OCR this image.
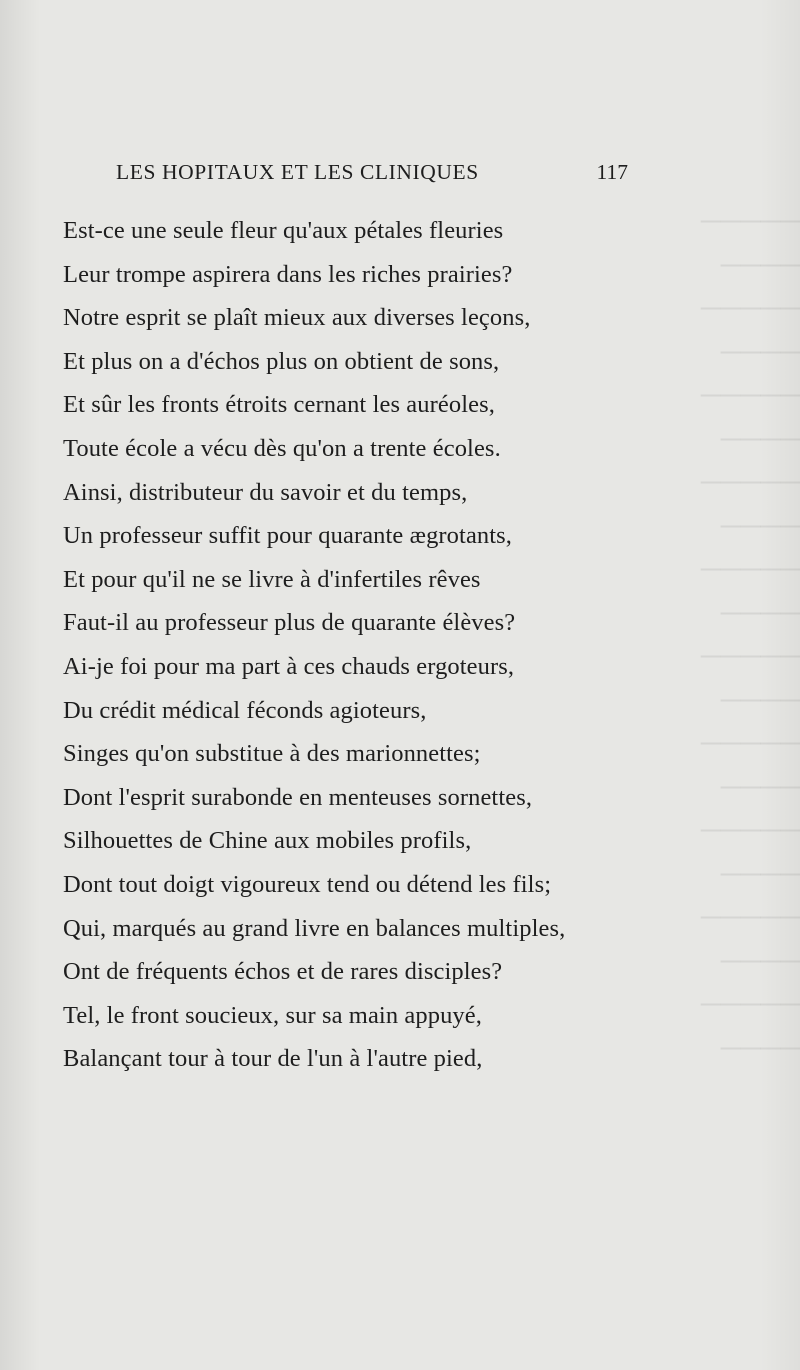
─────
────
─────
────
─────
────
─────
────
─────
────
─────
────
─────
────
─────
────
─────
────
─────
────
LES HOPITAUX ET LES CLINIQUES	117
Est-ce une seule fleur qu'aux pétales fleuries
Leur trompe aspirera dans les riches prairies?
Notre esprit se plaît mieux aux diverses leçons,
Et plus on a d'échos plus on obtient de sons,
Et sûr les fronts étroits cernant les auréoles,
Toute école a vécu dès qu'on a trente écoles.
Ainsi, distributeur du savoir et du temps,
Un professeur suffit pour quarante ægrotants,
Et pour qu'il ne se livre à d'infertiles rêves
Faut-il au professeur plus de quarante élèves?
Ai-je foi pour ma part à ces chauds ergoteurs,
Du crédit médical féconds agioteurs,
Singes qu'on substitue à des marionnettes;
Dont l'esprit surabonde en menteuses sornettes,
Silhouettes de Chine aux mobiles profils,
Dont tout doigt vigoureux tend ou détend les fils;
Qui, marqués au grand livre en balances multiples,
Ont de fréquents échos et de rares disciples?
Tel, le front soucieux, sur sa main appuyé,
Balançant tour à tour de l'un à l'autre pied,
